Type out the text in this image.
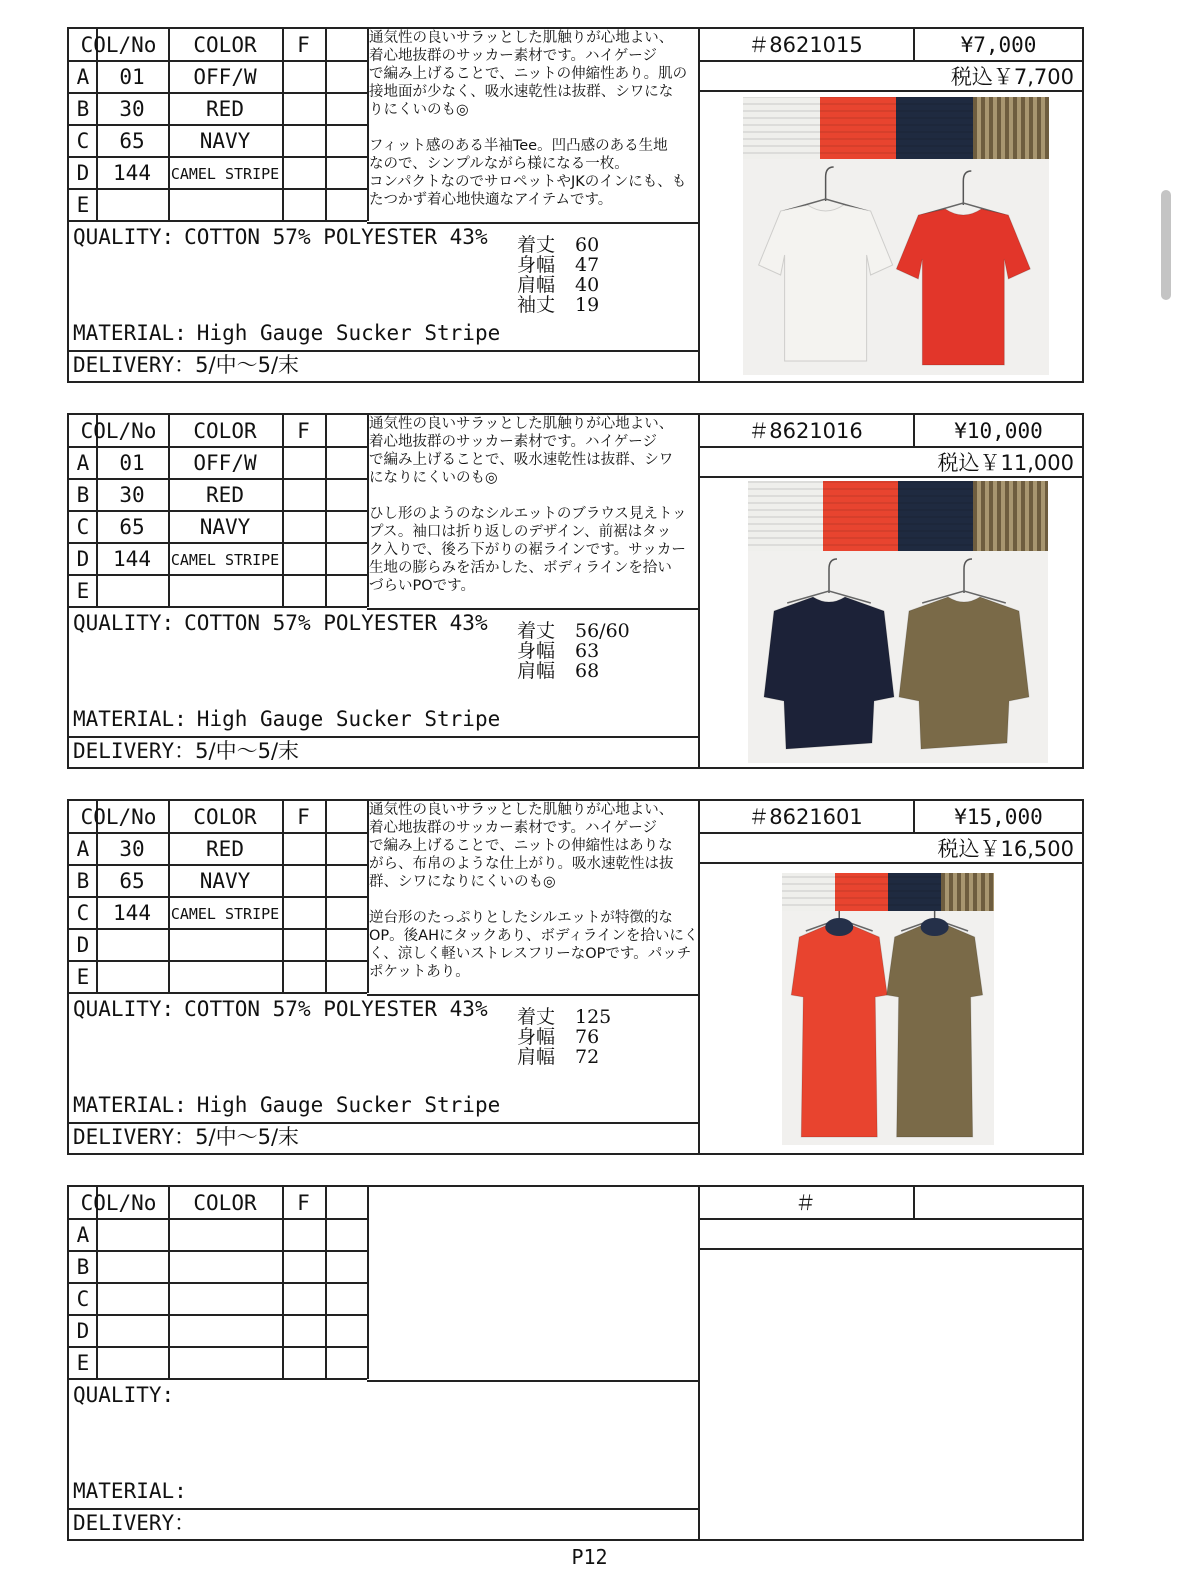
COL/No	COLOR	F
A	01	OFF/W
B	30	RED
C	65	NAVY
D	144	CAMEL STRIPE
E
通気性の良いサラッとした肌触りが心地よい、
着心地抜群のサッカー素材です。ハイゲージ
で編み上げることで、ニットの伸縮性あり。肌の
接地面が少なく、吸水速乾性は抜群、シワにな
りにくいのも◎

フィット感のある半袖Tee。凹凸感のある生地
なので、シンプルながら様になる一枚。
コンパクトなのでサロペットやJKのインにも、も
たつかず着心地快適なアイテムです。
QUALITY: COTTON 57% POLYESTER 43%
MATERIAL: High Gauge Sucker Stripe
DELIVERY：5/中～5/末
着丈 60
身幅 47
肩幅 40
袖丈 19
＃8621015	¥7,000
税込￥7,700
COL/No	COLOR	F
A	01	OFF/W
B	30	RED
C	65	NAVY
D	144	CAMEL STRIPE
E
通気性の良いサラッとした肌触りが心地よい、
着心地抜群のサッカー素材です。ハイゲージ
で編み上げることで、吸水速乾性は抜群、シワ
になりにくいのも◎

ひし形のようのなシルエットのブラウス見えトッ
プス。袖口は折り返しのデザイン、前裾はタッ
ク入りで、後ろ下がりの裾ラインです。サッカー
生地の膨らみを活かした、ボディラインを拾い
づらいPOです。
QUALITY: COTTON 57% POLYESTER 43%
MATERIAL: High Gauge Sucker Stripe
DELIVERY：5/中～5/末
着丈 56/60
身幅 63
肩幅 68
＃8621016	¥10,000
税込￥11,000
COL/No	COLOR	F
A	30	RED
B	65	NAVY
C	144	CAMEL STRIPE
D
E
通気性の良いサラッとした肌触りが心地よい、
着心地抜群のサッカー素材です。ハイゲージ
で編み上げることで、ニットの伸縮性はありな
がら、布帛のような仕上がり。吸水速乾性は抜
群、シワになりにくいのも◎

逆台形のたっぷりとしたシルエットが特徴的な
OP。後AHにタックあり、ボディラインを拾いにく
く、涼しく軽いストレスフリーなOPです。パッチ
ポケットあり。
QUALITY: COTTON 57% POLYESTER 43%
MATERIAL: High Gauge Sucker Stripe
DELIVERY：5/中～5/末
着丈 125
身幅 76
肩幅 72
＃8621601	¥15,000
税込￥16,500
COL/No	COLOR	F
A
B
C
D
E
QUALITY:
MATERIAL:
DELIVERY：
＃
P12
